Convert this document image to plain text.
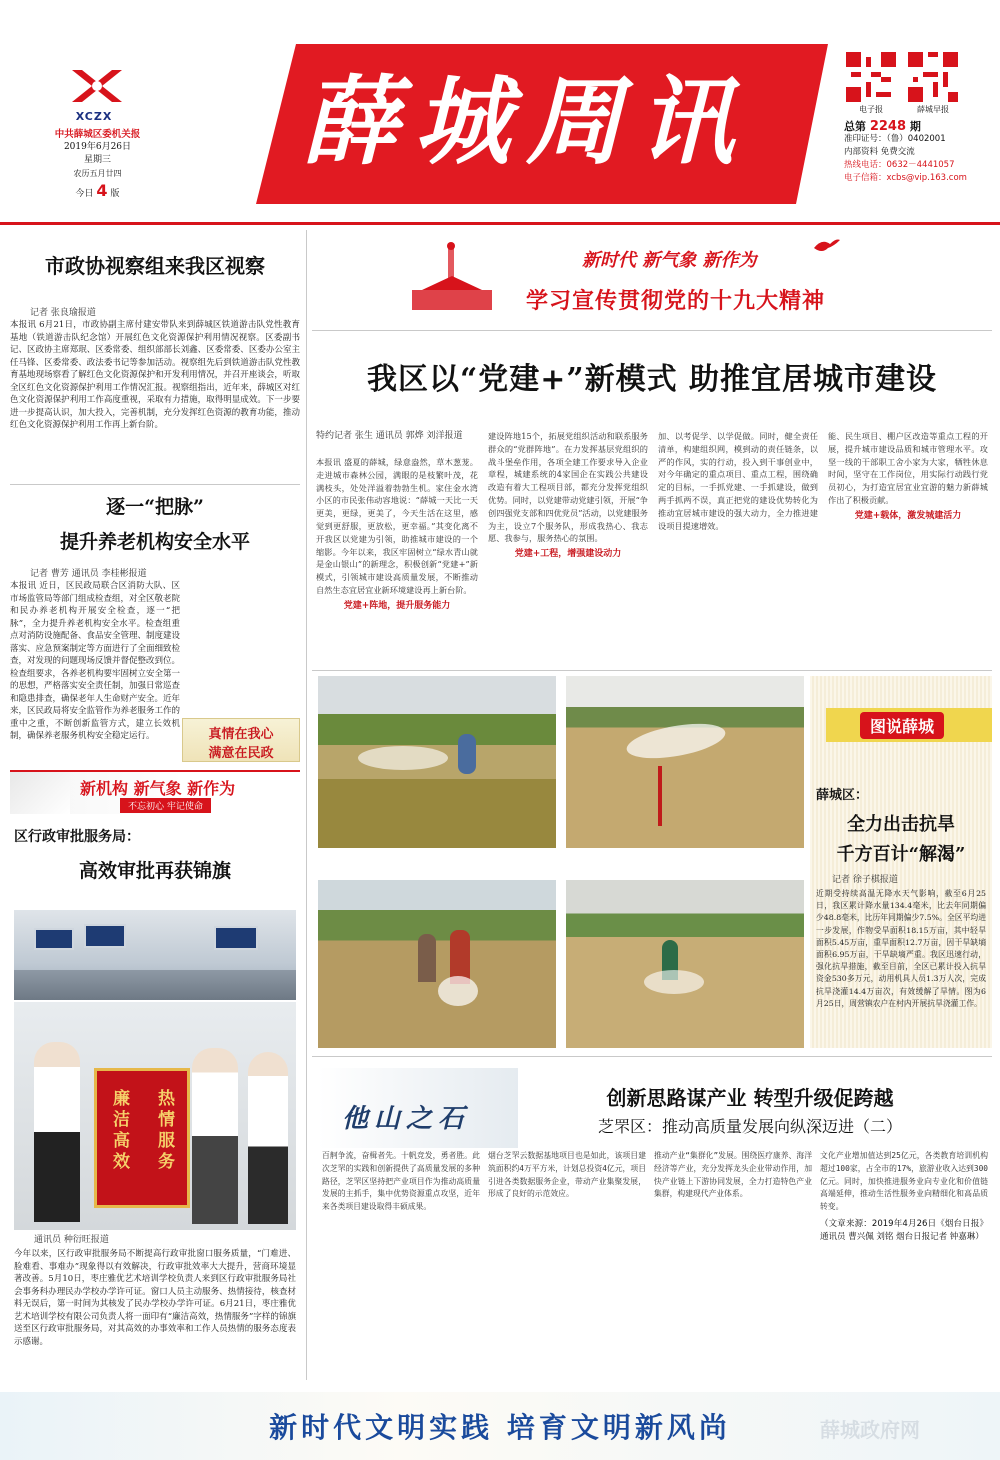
XCZX
中共薛城区委机关报
2019年6月26日
星期三
农历五月廿四
今日 4 版
薛城周讯	电子报	薛城早报
总第 2248 期
准印证号：（鲁）0402001
内部资料 免费交流
热线电话：0632－4441057
电子信箱：xcbs@vip.163.com
市政协视察组来我区视察
记者 张良瑜报道
本报讯 6月21日，市政协副主席付建安带队来到薛城区铁道游击队党性教育基地（铁道游击队纪念馆）开展红色文化资源保护利用情况视察。区委副书记、区政协主席郑珉、区委常委、组织部部长刘鑫、区委常委、区委办公室主任马锋、区委常委、政法委书记等参加活动。视察组先后到铁道游击队党性教育基地现场察看了解红色文化资源保护和开发利用情况，并召开座谈会，听取全区红色文化资源保护利用工作情况汇报。视察组指出，近年来，薛城区对红色文化资源保护利用工作高度重视，采取有力措施，取得明显成效。下一步要进一步提高认识，加大投入，完善机制，充分发挥红色资源的教育功能，推动红色文化资源保护利用工作再上新台阶。
逐一“把脉”
提升养老机构安全水平
记者 曹芳 通讯员 李桂彬报道
本报讯 近日，区民政局联合区消防大队、区市场监管局等部门组成检查组，对全区敬老院和民办养老机构开展安全检查，逐一“把脉”，全力提升养老机构安全水平。检查组重点对消防设施配备、食品安全管理、制度建设落实、应急预案制定等方面进行了全面细致检查，对发现的问题现场反馈并督促整改到位。检查组要求，各养老机构要牢固树立安全第一的思想，严格落实安全责任制，加强日常巡查和隐患排查，确保老年人生命财产安全。近年来，区民政局将安全监管作为养老服务工作的重中之重，不断创新监管方式，建立长效机制，确保养老服务机构安全稳定运行。	真情在我心
满意在民政
新机构 新气象 新作为
不忘初心 牢记使命
区行政审批服务局：
高效审批再获锦旗
廉洁高效 热情服务
通讯员 种衍旺报道
今年以来，区行政审批服务局不断提高行政审批窗口服务质量，“门难进、脸难看、事难办”现象得以有效解决，行政审批效率大大提升，营商环境显著改善。5月10日，枣庄雅优艺术培训学校负责人来到区行政审批服务局社会事务科办理民办学校办学许可证。窗口人员主动服务、热情接待，核查材料无误后，第一时间为其核发了民办学校办学许可证。6月21日，枣庄雅优艺术培训学校有限公司负责人将一面印有“廉洁高效，热情服务”字样的锦旗送至区行政审批服务局，对其高效的办事效率和工作人员热情的服务态度表示感谢。
新时代 新气象 新作为
学习宣传贯彻党的十九大精神
我区以“党建+”新模式 助推宜居城市建设
特约记者 张生 通讯员 郭烨 刘洋报道
本报讯 盛夏的薛城，绿意盎然，草木葱茏。走进城市森林公园，满眼的是枝繁叶茂，花满枝头，处处洋溢着勃勃生机。家住金水湾小区的市民张伟动容地说：“薛城一天比一天更美，更绿，更美了，今天生活在这里，感觉到更舒服，更放松，更幸福。”其变化离不开我区以党建为引领，助推城市建设的一个缩影。今年以来，我区牢固树立“绿水青山就是金山银山”的新理念，积极创新“党建+”新模式，引领城市建设高质量发展，不断推动自然生态宜居宜业新环境建设再上新台阶。
党建+阵地，提升服务能力
建设阵地15个，拓展党组织活动和联系服务群众的“党群阵地”。在力发挥基层党组织的战斗堡垒作用，各项全建工作要求导入企业章程，城建系统的4家国企在实践公共建设改造有着大工程项目部，都充分发挥党组织优势。同时，以党建带动党建引领，开展“争创四强党支部和四优党员”活动，以党建服务为主，设立7个服务队，形成我热心、我志愿、我参与，服务热心的氛围。
党建+工程，增强建设动力
加、以考促学、以学促做。同时，健全责任清单，构建组织网，模到动的责任链条，以严的作风，实的行动，投入到干事创业中，对今年确定的重点项目、重点工程，围绕确定的目标，一手抓党建、一手抓建设，做到两手抓两不误，真正把党的建设优势转化为推动宜居城市建设的强大动力，全力推进建设项目提速增效。
能、民生项目、棚户区改造等重点工程的开展，提升城市建设品质和城市管理水平。攻坚一线的干部职工舍小家为大家，牺牲休息时间，坚守在工作岗位，用实际行动践行党员初心，为打造宜居宜业宜游的魅力新薛城作出了积极贡献。
党建+载体，激发城建活力
图说薛城
薛城区：
全力出击抗旱
千方百计“解渴”
记者 徐子棋报道
近期受持续高温无降水天气影响，截至6月25日，我区累计降水量134.4毫米，比去年同期偏少48.8毫米，比历年同期偏少7.5%。全区平均进一步发展，作物受旱面积18.15万亩，其中轻旱面积5.45万亩，重旱面积12.7万亩，因干旱缺墒面积6.95万亩，干旱缺墒严重。我区迅速行动，强化抗旱措施，截至目前，全区已累计投入抗旱资金530多万元，动用机具人员1.3万人次，完成抗旱浇灌14.4万亩次，有效缓解了旱情。图为6月25日，周营镇农户在村内开展抗旱浇灌工作。
他山之石
创新思路谋产业 转型升级促跨越
芝罘区：推动高质量发展向纵深迈进（二）
百舸争流，奋楫者先。十帆竞发，勇者胜。此次芝罘的实践和创新提供了高质量发展的多种路径，芝罘区坚持把产业项目作为推动高质量发展的主抓手，集中优势资源重点攻坚，近年来各类项目建设取得丰硕成果。
烟台芝罘云数据基地项目也是如此，该项目建筑面积约4万平方米，计划总投资4亿元，项目引进各类数据服务企业，带动产业集聚发展，形成了良好的示范效应。
推动产业“集群化”发展。围绕医疗康养、海洋经济等产业，充分发挥龙头企业带动作用，加快产业链上下游协同发展，全力打造特色产业集群，构建现代产业体系。
文化产业增加值达到25亿元，各类教育培训机构超过100家，占全市的17%，旅游业收入达到300亿元。同时，加快推进服务业向专业化和价值链高端延伸，推动生活性服务业向精细化和高品质转变。
（文章来源：2019年4月26日《烟台日报》 通讯员 曹兴佩 刘铭 烟台日报记者 钟嘉琳）
新时代文明实践 培育文明新风尚	薛城政府网
